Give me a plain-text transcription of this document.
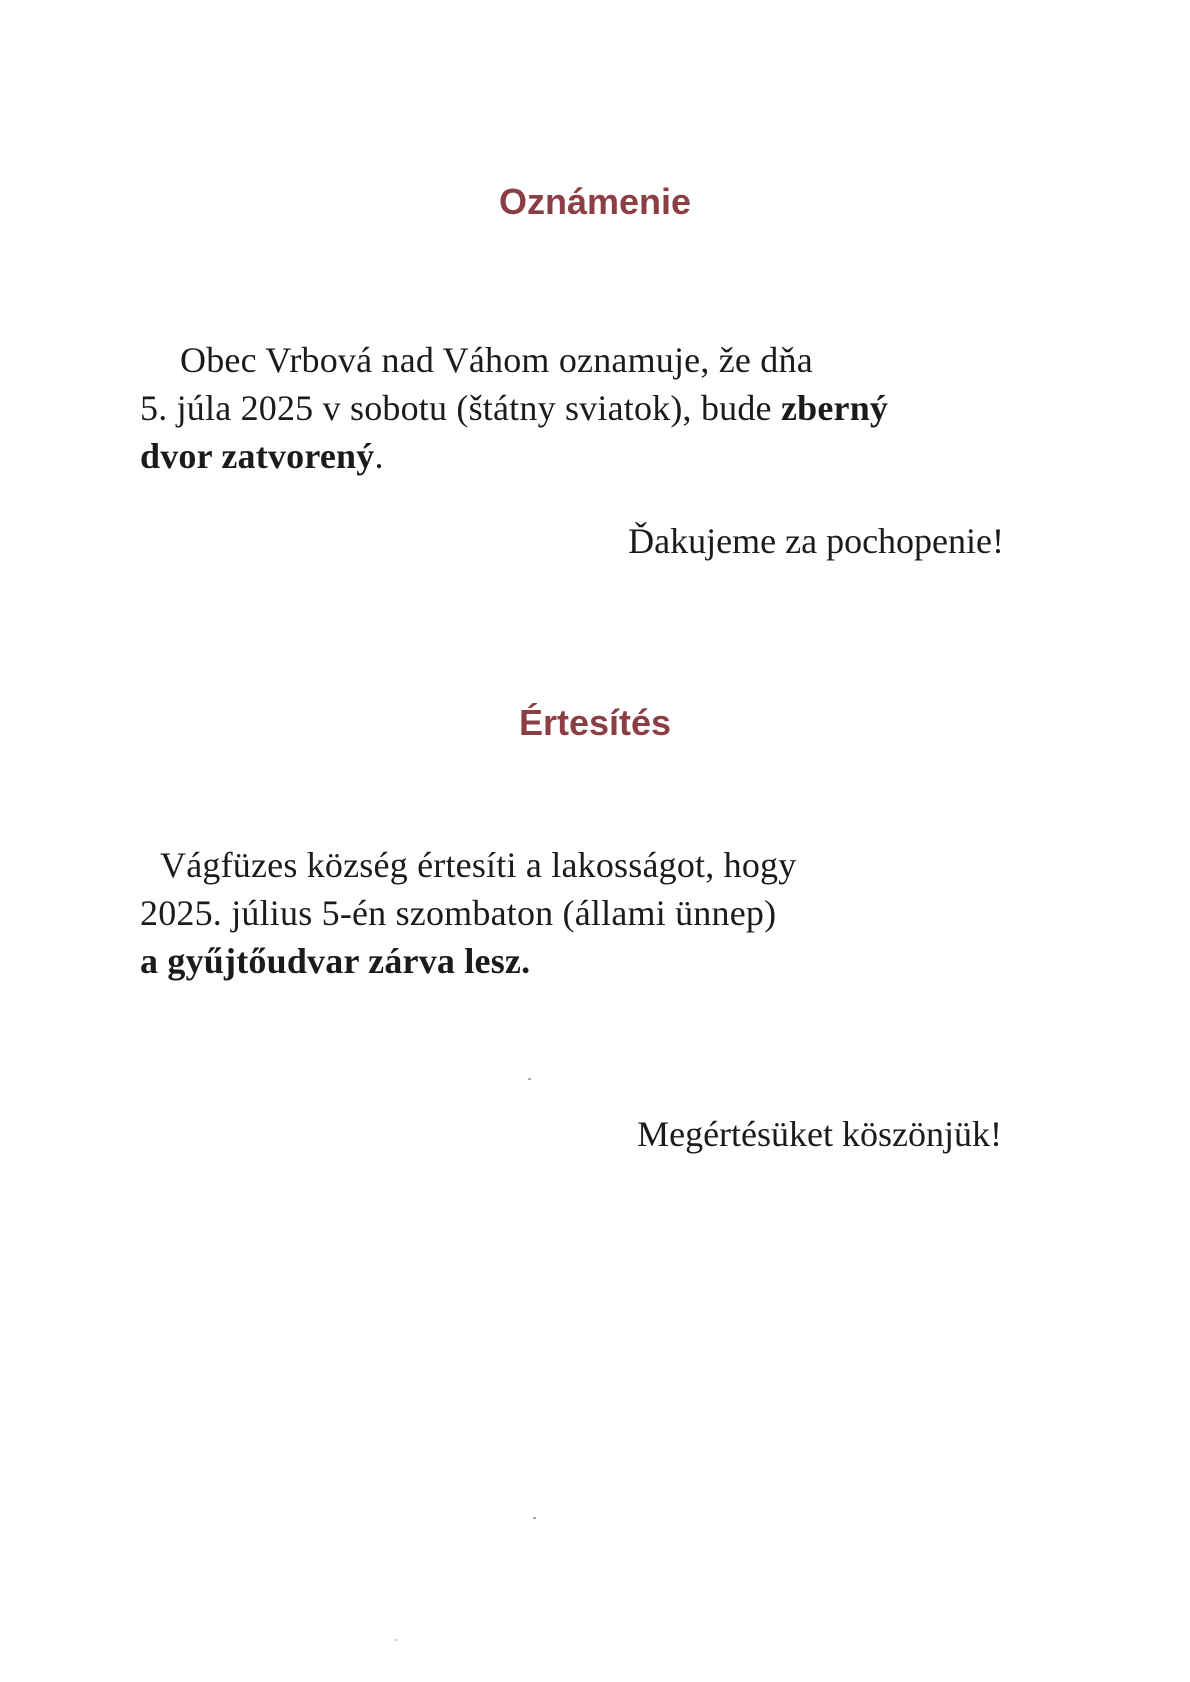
Oznámenie

Obec Vrbová nad Váhom oznamuje, že dňa
5. júla 2025 v sobotu (štátny sviatok), bude zberný
dvor zatvorený.

Ďakujeme za pochopenie!

Értesítés

Vágfüzes község értesíti a lakosságot, hogy
2025. július 5-én szombaton (állami ünnep)
a gyűjtőudvar zárva lesz.

Megértésüket köszönjük!
